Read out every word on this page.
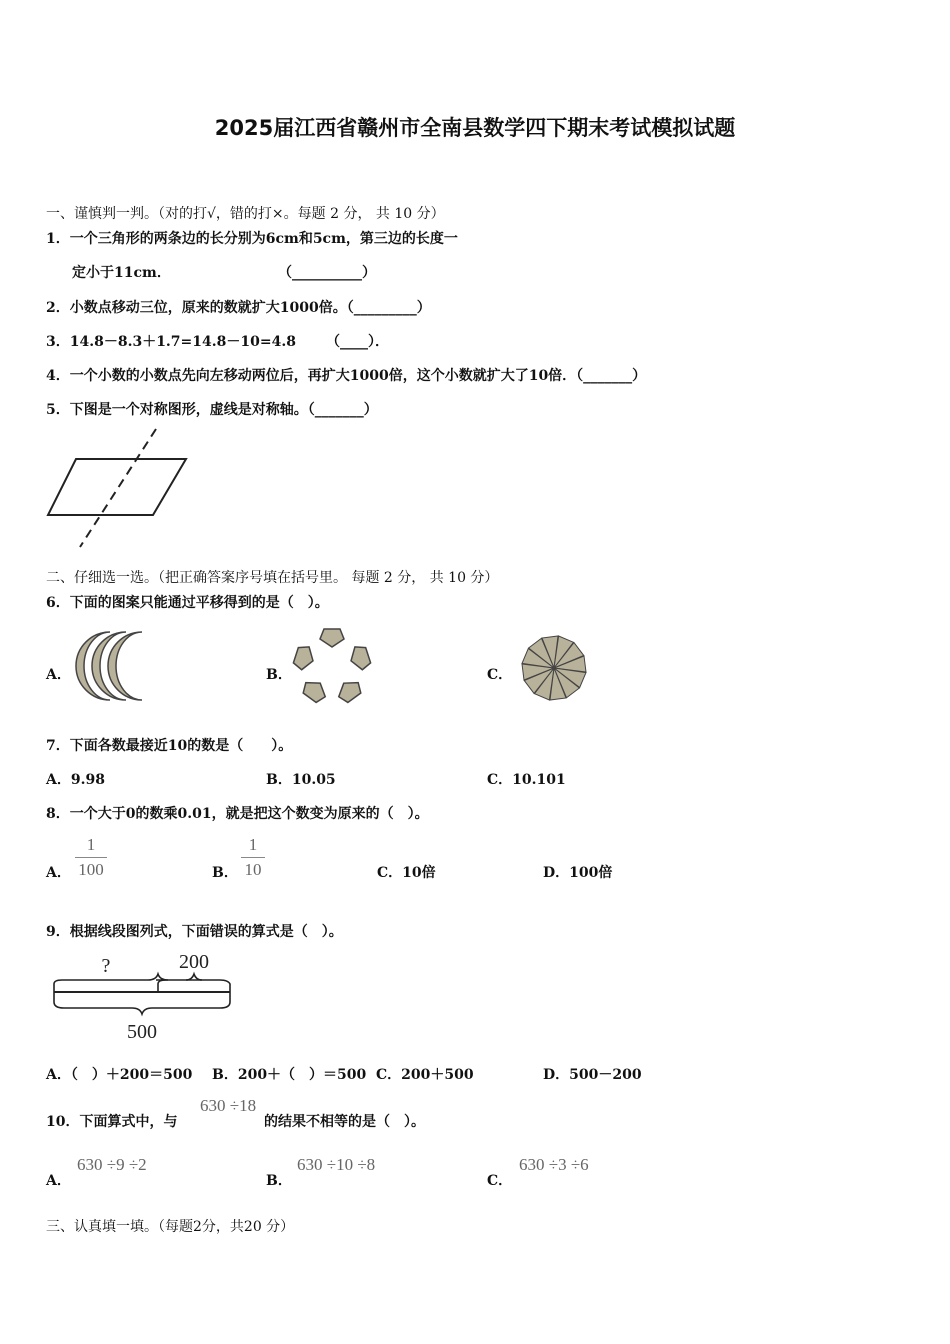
2025届江西省赣州市全南县数学四下期末考试模拟试题
一、谨慎判一判。（对的打√，错的打×。每题 2 分， 共 10 分）
1．一个三角形的两条边的长分别为6cm和5cm，第三边的长度一
定小于11cm．	（__________）
2．小数点移动三位，原来的数就扩大1000倍。（_________）
3．14.8－8.3＋1.7=14.8－10=4.8 （____）．
4．一个小数的小数点先向左移动两位后，再扩大1000倍，这个小数就扩大了10倍．（_______）
5．下图是一个对称图形，虚线是对称轴。（_______）
二、仔细选一选。（把正确答案序号填在括号里。 每题 2 分， 共 10 分）
6．下面的图案只能通过平移得到的是（　）。
A．	B．	C．
7．下面各数最接近10的数是（　　）。
A．9.98	B．10.05	C．10.101
8．一个大于0的数乘0.01，就是把这个数变为原来的（　）。
A．
1
100	B．
1
10	C．10倍	D．100倍
9．根据线段图列式，下面错误的算式是（　）。
?	200
500
A．（　）＋200＝500 B．200＋（　）＝500 C．200＋500	D．500－200
10．下面算式中，与
630 ÷18
的结果不相等的是（　）。
A．
630 ÷9 ÷2
B．
630 ÷10 ÷8
C．
630 ÷3 ÷6
三、认真填一填。（每题2分，共20 分）
